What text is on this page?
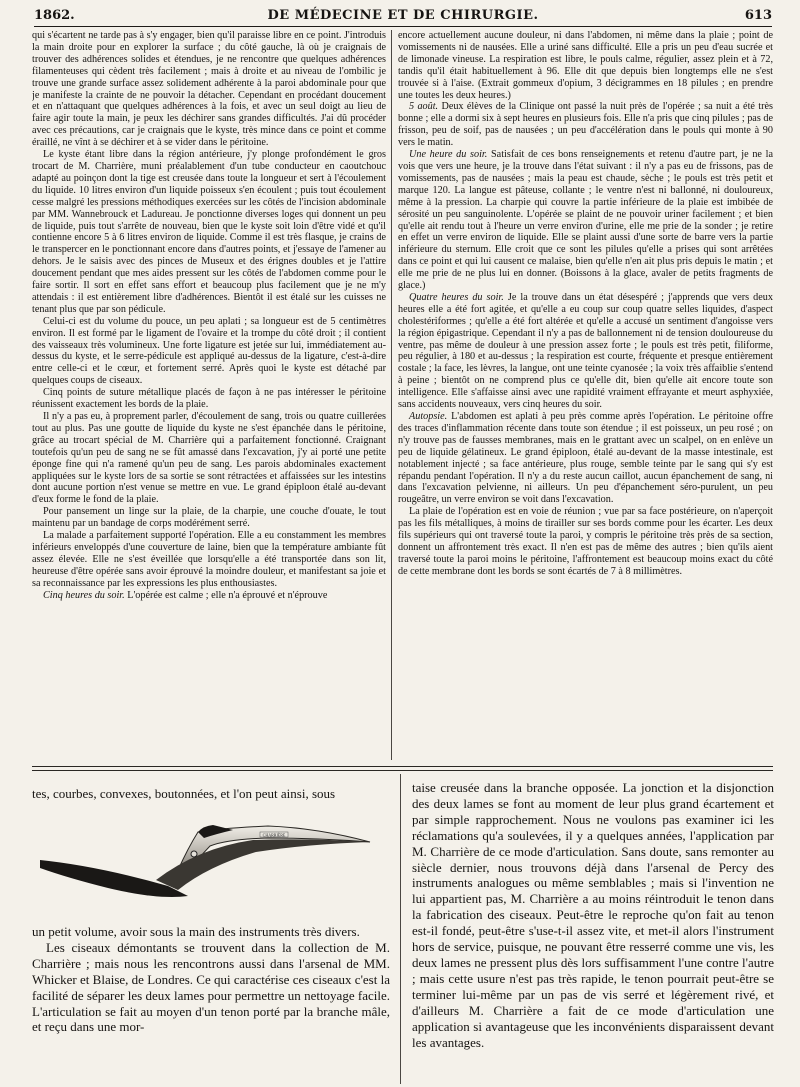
1862.	DE MÉDECINE ET DE CHIRURGIE.	613

qui s'écartent ne tarde pas à s'y engager, bien qu'il paraisse libre en ce point. J'introduis la main droite pour en explorer la surface ; du côté gauche, là où je craignais de trouver des adhérences solides et étendues, je ne rencontre que quelques adhérences filamenteuses qui cèdent très facilement ; mais à droite et au niveau de l'ombilic je trouve une grande surface assez solidement adhérente à la paroi abdominale pour que je manifeste la crainte de ne pouvoir la détacher. Cependant en procédant doucement et en n'attaquant que quelques adhérences à la fois, et avec un seul doigt au lieu de faire agir toute la main, je peux les déchirer sans grandes difficultés. J'ai dû procéder avec ces précautions, car je craignais que le kyste, très mince dans ce point et comme éraillé, ne vînt à se déchirer et à se vider dans le péritoine.

Le kyste étant libre dans la région antérieure, j'y plonge profondément le gros trocart de M. Charrière, muni préalablement d'un tube conducteur en caoutchouc adapté au poinçon dont la tige est creusée dans toute la longueur et sert à l'écoulement du liquide. 10 litres environ d'un liquide poisseux s'en écoulent ; puis tout écoulement cesse malgré les pressions méthodiques exercées sur les côtés de l'incision abdominale par MM. Wannebrouck et Ladureau. Je ponctionne diverses loges qui donnent un peu de liquide, puis tout s'arrête de nouveau, bien que le kyste soit loin d'être vidé et qu'il contienne encore 5 à 6 litres environ de liquide. Comme il est très flasque, je crains de le transpercer en le ponctionnant encore dans d'autres points, et j'essaye de l'amener au dehors. Je le saisis avec des pinces de Museux et des érignes doubles et je l'attire doucement pendant que mes aides pressent sur les côtés de l'abdomen comme pour le faire sortir. Il sort en effet sans effort et beaucoup plus facilement que je ne m'y attendais : il est entièrement libre d'adhérences. Bientôt il est étalé sur les cuisses ne tenant plus que par son pédicule.

Celui-ci est du volume du pouce, un peu aplati ; sa longueur est de 5 centimètres environ. Il est formé par le ligament de l'ovaire et la trompe du côté droit ; il contient des vaisseaux très volumineux. Une forte ligature est jetée sur lui, immédiatement au-dessus du kyste, et le serre-pédicule est appliqué au-dessus de la ligature, c'est-à-dire entre celle-ci et le cœur, et fortement serré. Après quoi le kyste est détaché par quelques coups de ciseaux.

Cinq points de suture métallique placés de façon à ne pas intéresser le péritoine réunissent exactement les bords de la plaie.

Il n'y a pas eu, à proprement parler, d'écoulement de sang, trois ou quatre cuillerées tout au plus. Pas une goutte de liquide du kyste ne s'est épanchée dans le péritoine, grâce au trocart spécial de M. Charrière qui a parfaitement fonctionné. Craignant toutefois qu'un peu de sang ne se fût amassé dans l'excavation, j'y ai porté une petite éponge fine qui n'a ramené qu'un peu de sang. Les parois abdominales exactement appliquées sur le kyste lors de sa sortie se sont rétractées et affaissées sur les intestins dont aucune portion n'est venue se mettre en vue. Le grand épiploon étalé au-devant d'eux forme le fond de la plaie.

Pour pansement un linge sur la plaie, de la charpie, une couche d'ouate, le tout maintenu par un bandage de corps modérément serré.

La malade a parfaitement supporté l'opération. Elle a eu constamment les membres inférieurs enveloppés d'une couverture de laine, bien que la température ambiante fût assez élevée. Elle ne s'est éveillée que lorsqu'elle a été transportée dans son lit, heureuse d'être opérée sans avoir éprouvé la moindre douleur, et manifestant sa joie et sa reconnaissance par les expressions les plus enthousiastes.

Cinq heures du soir. L'opérée est calme ; elle n'a éprouvé et n'éprouve

encore actuellement aucune douleur, ni dans l'abdomen, ni même dans la plaie ; point de vomissements ni de nausées. Elle a uriné sans difficulté. Elle a pris un peu d'eau sucrée et de limonade vineuse. La respiration est libre, le pouls calme, régulier, assez plein et à 72, tandis qu'il était habituellement à 96. Elle dit que depuis bien longtemps elle ne s'est trouvée si à l'aise. (Extrait gommeux d'opium, 3 décigrammes en 18 pilules ; en prendre une toutes les deux heures.)

5 août. Deux élèves de la Clinique ont passé la nuit près de l'opérée ; sa nuit a été très bonne ; elle a dormi six à sept heures en plusieurs fois. Elle n'a pris que cinq pilules ; pas de frisson, peu de soif, pas de nausées ; un peu d'accélération dans le pouls qui monte à 90 vers le matin.

Une heure du soir. Satisfait de ces bons renseignements et retenu d'autre part, je ne la vois que vers une heure, je la trouve dans l'état suivant : il n'y a pas eu de frissons, pas de vomissements, pas de nausées ; mais la peau est chaude, sèche ; le pouls est très petit et marque 120. La langue est pâteuse, collante ; le ventre n'est ni ballonné, ni douloureux, même à la pression. La charpie qui couvre la partie inférieure de la plaie est imbibée de sérosité un peu sanguinolente. L'opérée se plaint de ne pouvoir uriner facilement ; et bien qu'elle ait rendu tout à l'heure un verre environ d'urine, elle me prie de la sonder ; je retire en effet un verre environ de liquide. Elle se plaint aussi d'une sorte de barre vers la partie inférieure du sternum. Elle croit que ce sont les pilules qu'elle a prises qui sont arrêtées dans ce point et qui lui causent ce malaise, bien qu'elle n'en ait plus pris depuis le matin ; et elle me prie de ne plus lui en donner. (Boissons à la glace, avaler de petits fragments de glace.)

Quatre heures du soir. Je la trouve dans un état désespéré ; j'apprends que vers deux heures elle a été fort agitée, et qu'elle a eu coup sur coup quatre selles liquides, d'aspect cholestériformes ; qu'elle a été fort altérée et qu'elle a accusé un sentiment d'angoisse vers la région épigastrique. Cependant il n'y a pas de ballonnement ni de tension douloureuse du ventre, pas même de douleur à une pression assez forte ; le pouls est très petit, filiforme, peu régulier, à 180 et au-dessus ; la respiration est courte, fréquente et presque entièrement costale ; la face, les lèvres, la langue, ont une teinte cyanosée ; la voix très affaiblie s'entend à peine ; bientôt on ne comprend plus ce qu'elle dit, bien qu'elle ait encore toute son intelligence. Elle s'affaisse ainsi avec une rapidité vraiment effrayante et meurt asphyxiée, sans accidents nouveaux, vers cinq heures du soir.

Autopsie. L'abdomen est aplati à peu près comme après l'opération. Le péritoine offre des traces d'inflammation récente dans toute son étendue ; il est poisseux, un peu rosé ; on n'y trouve pas de fausses membranes, mais en le grattant avec un scalpel, on en enlève un peu de liquide gélatineux. Le grand épiploon, étalé au-devant de la masse intestinale, est notablement injecté ; sa face antérieure, plus rouge, semble teinte par le sang qui s'y est répandu pendant l'opération. Il n'y a du reste aucun caillot, aucun épanchement de sang, ni dans l'excavation pelvienne, ni ailleurs. Un peu d'épanchement séro-purulent, un peu rougeâtre, un verre environ se voit dans l'excavation.

La plaie de l'opération est en voie de réunion ; vue par sa face postérieure, on n'aperçoit pas les fils métalliques, à moins de tirailler sur ses bords comme pour les écarter. Les deux fils supérieurs qui ont traversé toute la paroi, y compris le péritoine très près de sa section, donnent un affrontement très exact. Il n'en est pas de même des autres ; bien qu'ils aient traversé toute la paroi moins le péritoine, l'affrontement est beaucoup moins exact du côté de cette membrane dont les bords se sont écartés de 7 à 8 millimètres.

tes, courbes, convexes, boutonnées, et l'on peut ainsi, sous
CHARRIÈRE

un petit volume, avoir sous la main des instruments très divers.

Les ciseaux démontants se trouvent dans la collection de M. Charrière ; mais nous les rencontrons aussi dans l'arsenal de MM. Whicker et Blaise, de Londres. Ce qui caractérise ces ciseaux c'est la facilité de séparer les deux lames pour permettre un nettoyage facile. L'articulation se fait au moyen d'un tenon porté par la branche mâle, et reçu dans une mor-

taise creusée dans la branche opposée. La jonction et la disjonction des deux lames se font au moment de leur plus grand écartement et par simple rapprochement. Nous ne voulons pas examiner ici les réclamations qu'a soulevées, il y a quelques années, l'application par M. Charrière de ce mode d'articulation. Sans doute, sans remonter au siècle dernier, nous trouvons déjà dans l'arsenal de Percy des instruments analogues ou même semblables ; mais si l'invention ne lui appartient pas, M. Charrière a au moins réintroduit le tenon dans la fabrication des ciseaux. Peut-être le reproche qu'on fait au tenon est-il fondé, peut-être s'use-t-il assez vite, et met-il alors l'instrument hors de service, puisque, ne pouvant être resserré comme une vis, les deux lames ne pressent plus dès lors suffisamment l'une contre l'autre ; mais cette usure n'est pas très rapide, le tenon pourrait peut-être se terminer lui-même par un pas de vis serré et légèrement rivé, et d'ailleurs M. Charrière a fait de ce mode d'articulation une application si avantageuse que les inconvénients disparaissent devant les avantages.
